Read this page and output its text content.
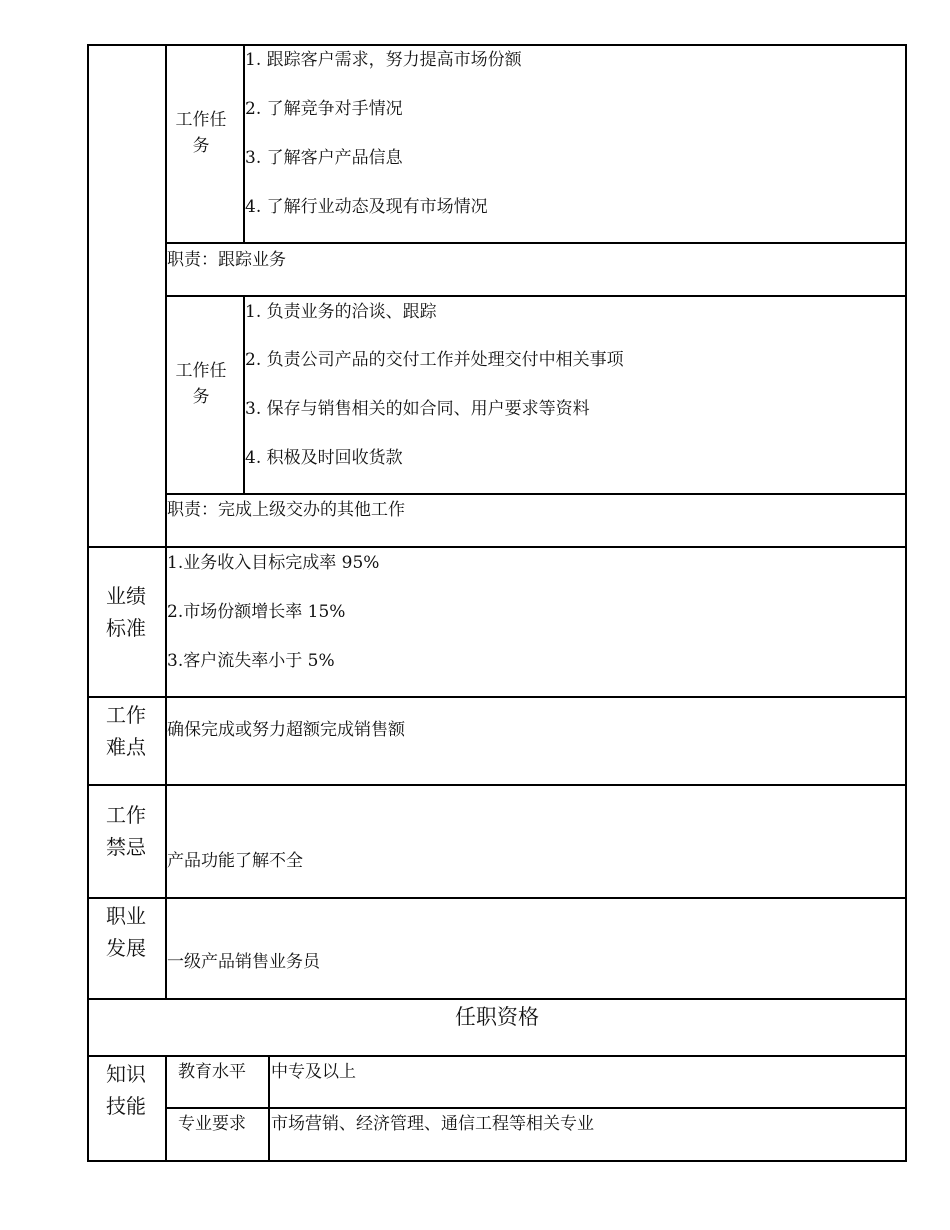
工作任务
1. 跟踪客户需求，努力提高市场份额
2. 了解竞争对手情况
3. 了解客户产品信息
4. 了解行业动态及现有市场情况
职责：跟踪业务
工作任务
1. 负责业务的洽谈、跟踪
2. 负责公司产品的交付工作并处理交付中相关事项
3. 保存与销售相关的如合同、用户要求等资料
4. 积极及时回收货款
职责：完成上级交办的其他工作
业绩标准
1.业务收入目标完成率 95%
2.市场份额增长率 15%
3.客户流失率小于 5%
工作难点
确保完成或努力超额完成销售额
工作禁忌
产品功能了解不全
职业发展
一级产品销售业务员
任职资格
知识技能
教育水平 中专及以上
专业要求 市场营销、经济管理、通信工程等相关专业
